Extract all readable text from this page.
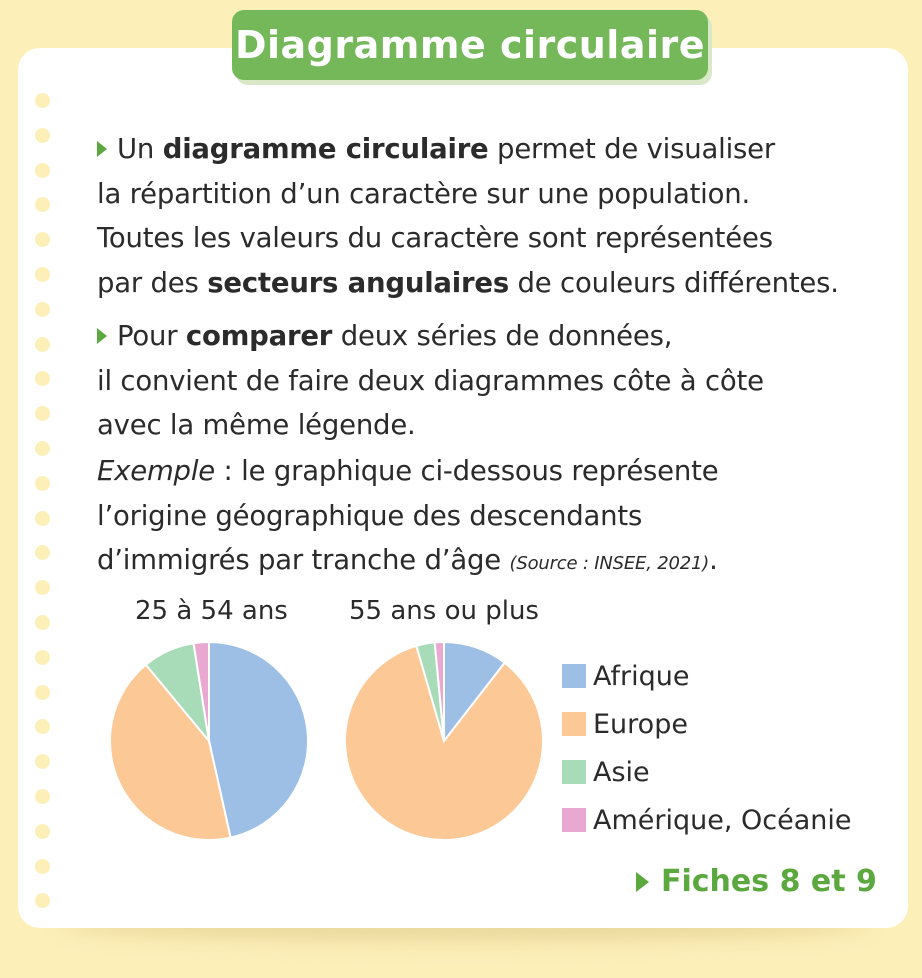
Diagramme circulaire
Un diagramme circulaire permet de visualiser
la répartition d’un caractère sur une population.
Toutes les valeurs du caractère sont représentées
par des secteurs angulaires de couleurs différentes.
Pour comparer deux séries de données,
il convient de faire deux diagrammes côte à côte
avec la même légende.
Exemple : le graphique ci-dessous représente
l’origine géographique des descendants
d’immigrés par tranche d’âge (Source : INSEE, 2021).
25 à 54 ans 55 ans ou plus
Afrique
Europe
Asie
Amérique, Océanie
Fiches 8 et 9
